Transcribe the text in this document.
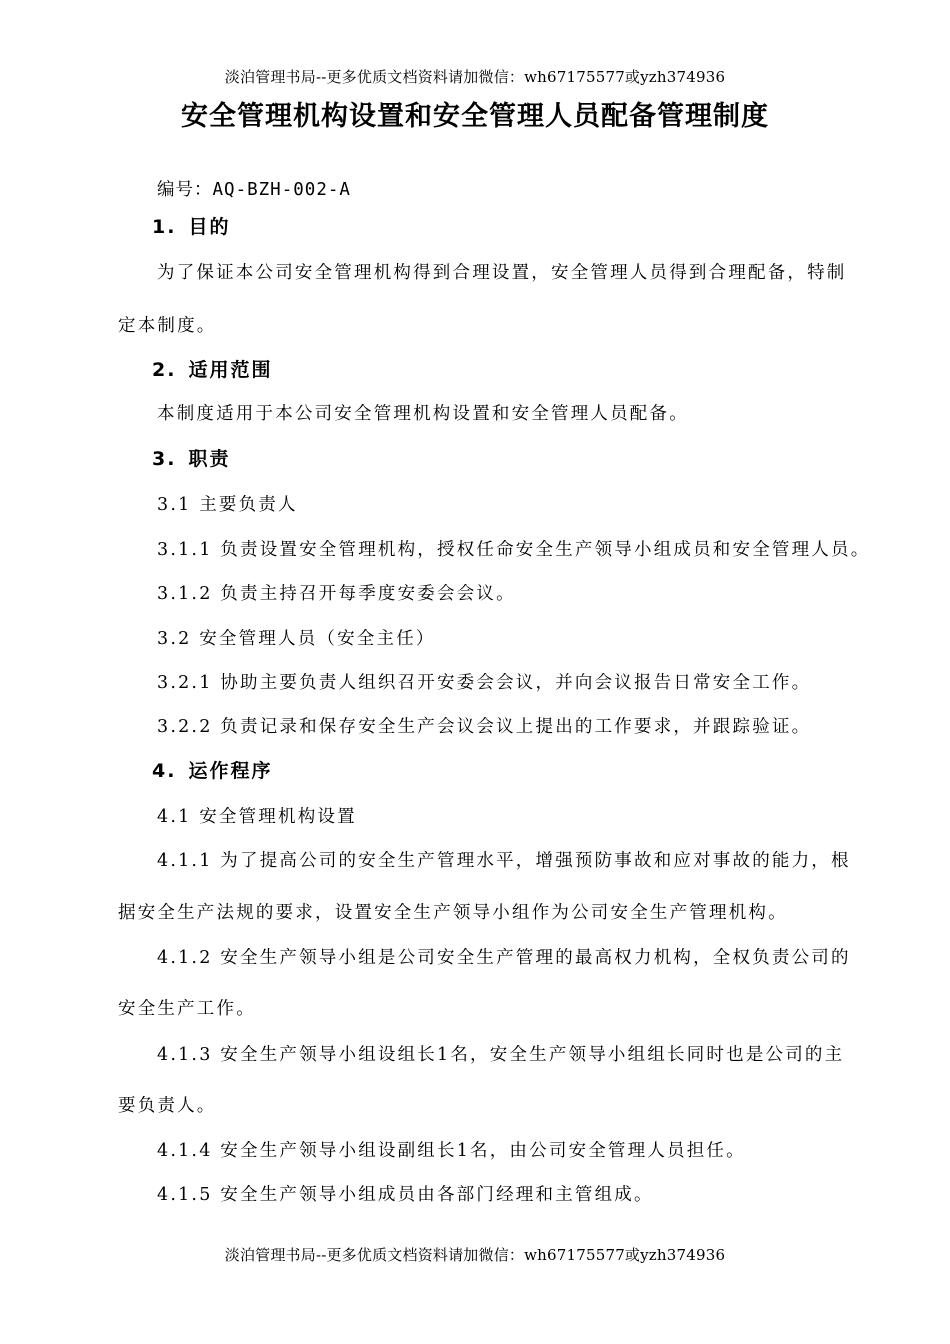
淡泊管理书局--更多优质文档资料请加微信：wh67175577或yzh374936
安全管理机构设置和安全管理人员配备管理制度
编号：AQ-BZH-002-A
1. 目的
为了保证本公司安全管理机构得到合理设置，安全管理人员得到合理配备，特制
定本制度。
2. 适用范围
本制度适用于本公司安全管理机构设置和安全管理人员配备。
3. 职责
3.1 主要负责人
3.1.1 负责设置安全管理机构，授权任命安全生产领导小组成员和安全管理人员。
3.1.2 负责主持召开每季度安委会会议。
3.2 安全管理人员（安全主任）
3.2.1 协助主要负责人组织召开安委会会议，并向会议报告日常安全工作。
3.2.2 负责记录和保存安全生产会议会议上提出的工作要求，并跟踪验证。
4. 运作程序
4.1 安全管理机构设置
4.1.1 为了提高公司的安全生产管理水平，增强预防事故和应对事故的能力，根
据安全生产法规的要求，设置安全生产领导小组作为公司安全生产管理机构。
4.1.2 安全生产领导小组是公司安全生产管理的最高权力机构，全权负责公司的
安全生产工作。
4.1.3 安全生产领导小组设组长1名，安全生产领导小组组长同时也是公司的主
要负责人。
4.1.4 安全生产领导小组设副组长1名，由公司安全管理人员担任。
4.1.5 安全生产领导小组成员由各部门经理和主管组成。
淡泊管理书局--更多优质文档资料请加微信：wh67175577或yzh374936
